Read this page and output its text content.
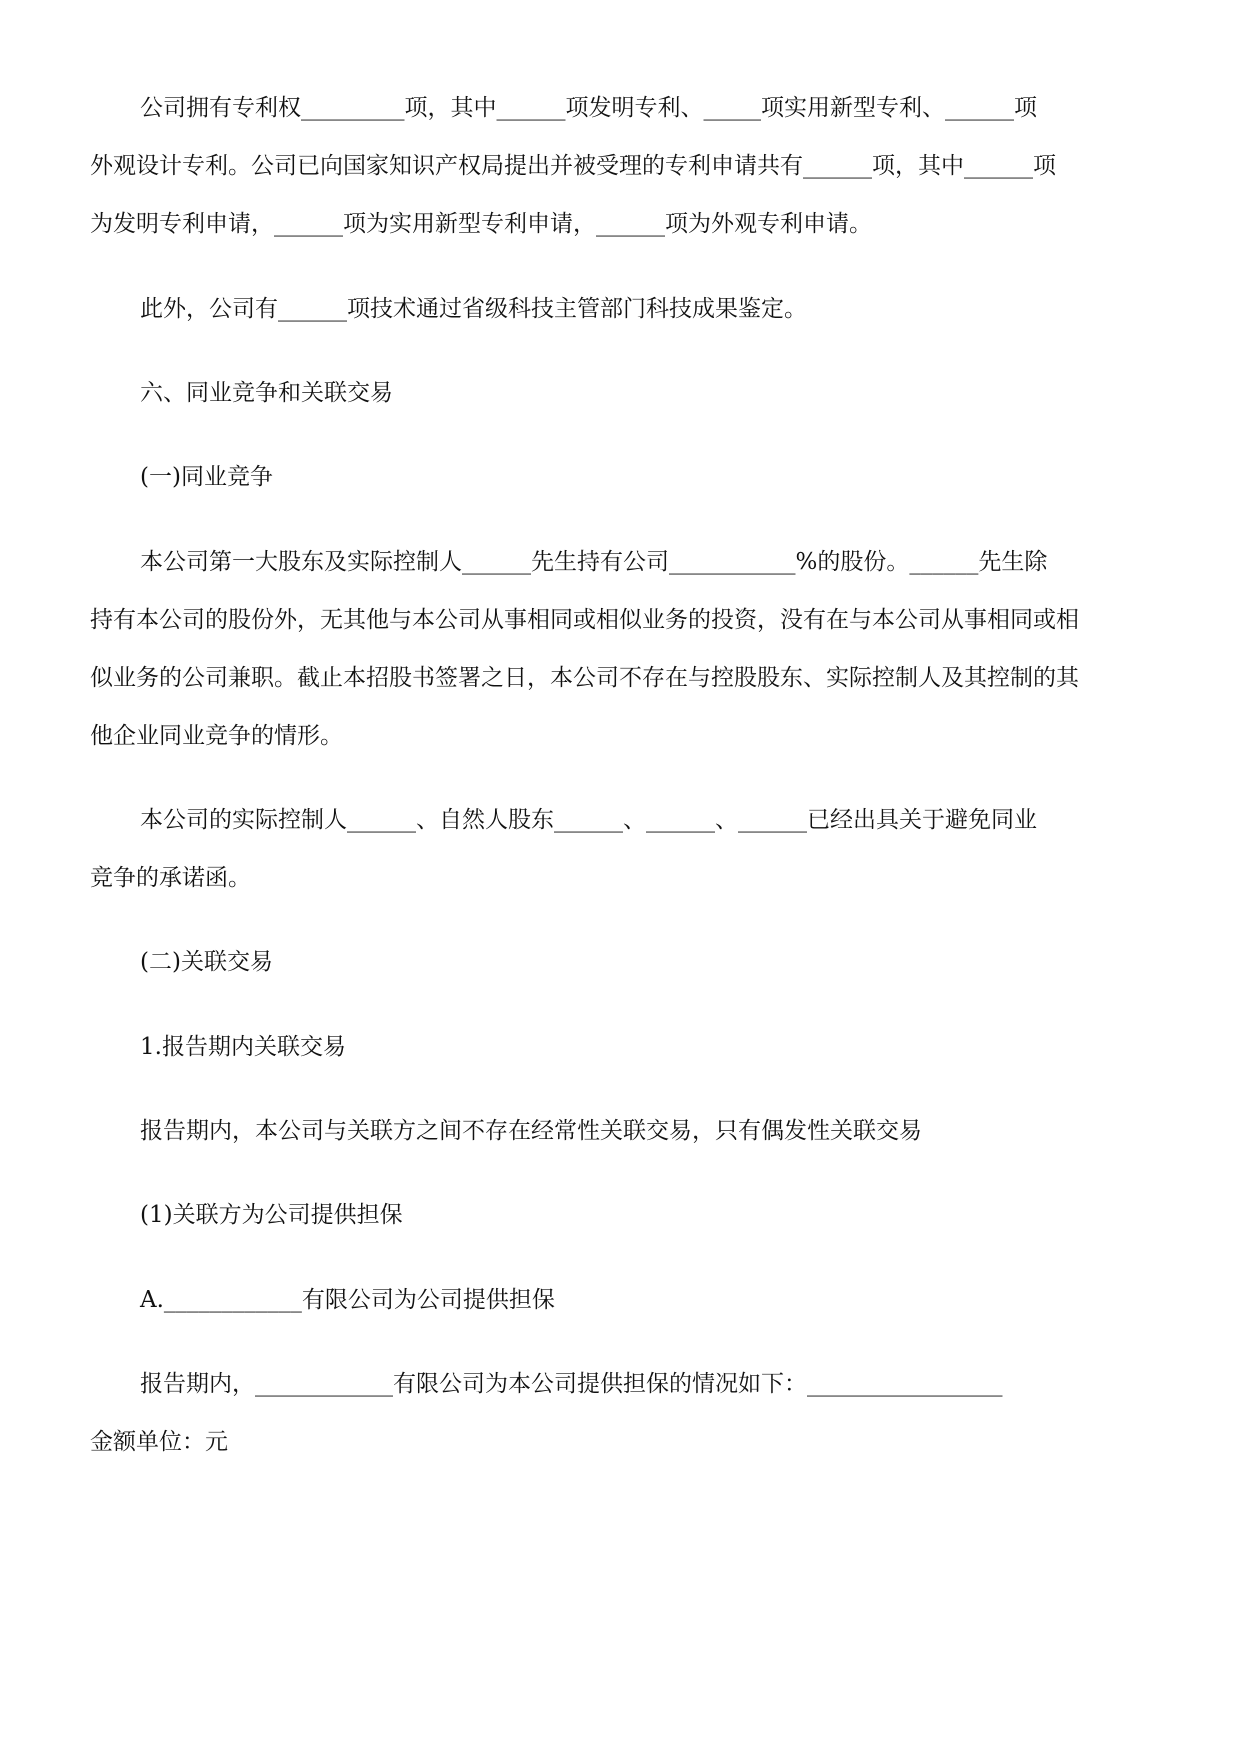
公司拥有专利权_________项，其中______项发明专利、_____项实用新型专利、______项
外观设计专利。公司已向国家知识产权局提出并被受理的专利申请共有______项，其中______项
为发明专利申请，______项为实用新型专利申请，______项为外观专利申请。
此外，公司有______项技术通过省级科技主管部门科技成果鉴定。
六、同业竞争和关联交易
(一)同业竞争
本公司第一大股东及实际控制人______先生持有公司___________%的股份。______先生除
持有本公司的股份外，无其他与本公司从事相同或相似业务的投资，没有在与本公司从事相同或相
似业务的公司兼职。截止本招股书签署之日，本公司不存在与控股股东、实际控制人及其控制的其
他企业同业竞争的情形。
本公司的实际控制人______、自然人股东______、______、______已经出具关于避免同业
竞争的承诺函。
(二)关联交易
1.报告期内关联交易
报告期内，本公司与关联方之间不存在经常性关联交易，只有偶发性关联交易
(1)关联方为公司提供担保
A.____________有限公司为公司提供担保
报告期内，____________有限公司为本公司提供担保的情况如下：_________________
金额单位：元
